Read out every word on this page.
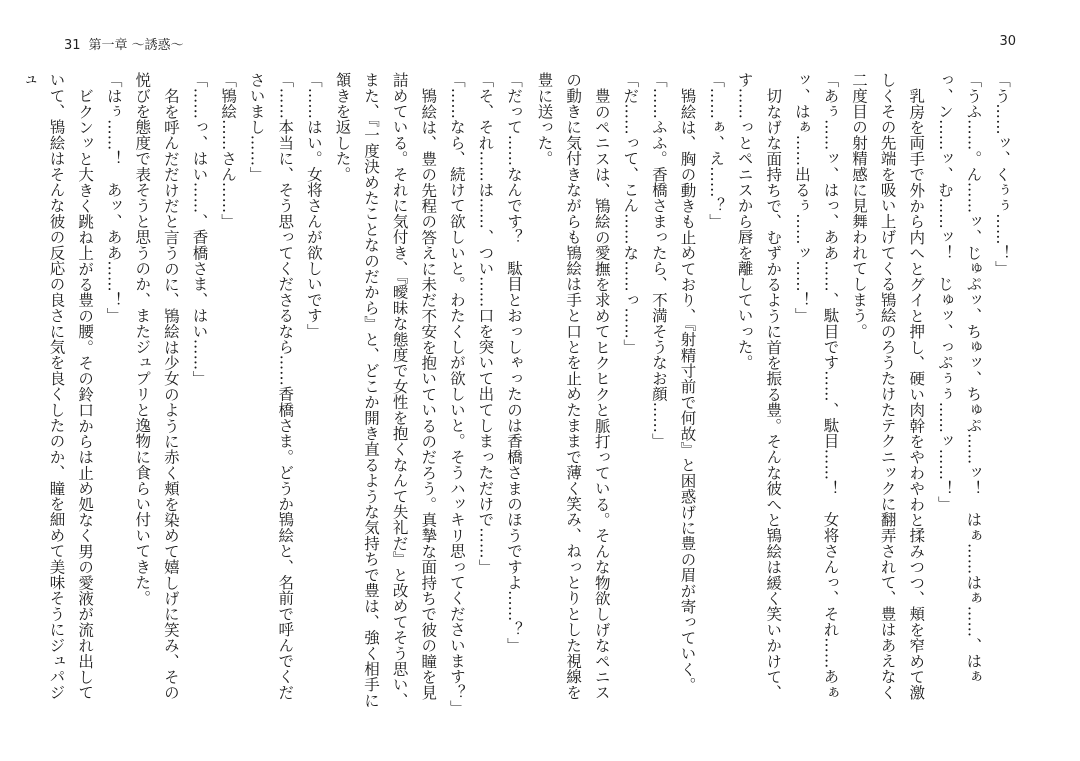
31 第一章 〜誘惑〜

「だって……なんです？　駄目とおっしゃったのは香橋さまのほうですよ……？」

「そ、それ……は……、つい……口を突いて出てしまっただけで……」

「……なら、続けて欲しいと。わたくしが欲しいと。そうハッキリ思ってくださいます？」

鴇絵は、豊の先程の答えに未だ不安を抱いているのだろう。真摯な面持ちで彼の瞳を見詰めている。それに気付き、『曖昧な態度で女性を抱くなんて失礼だ』と改めてそう思い、また、『一度決めたことなのだから』と、どこか開き直るような気持ちで豊は、強く相手に頷きを返した。

「……はい。女将さんが欲しいです」

「……本当に、そう思ってくださるなら……香橋さま。どうか鴇絵と、名前で呼んでくださいまし……」

「鴇絵……さん……」

「……っ、はい……、香橋さま、はい……」

名を呼んだだけだと言うのに、鴇絵は少女のように赤く頬を染めて嬉しげに笑み、その悦びを態度で表そうと思うのか、またジュプリと逸物に食らい付いてきた。

「はぅ……！　あッ、ああ……！」

ビクンッと大きく跳ね上がる豊の腰。その鈴口からは止め処なく男の愛液が流れ出していて、鴇絵はそんな彼の反応の良さに気を良くしたのか、瞳を細めて美味そうにジュパジュ

30

「う……ッ、くぅぅ……！」

「うふ……。ん……ッ、じゅぷッ、ちゅッ、ちゅぷ……ッ！　はぁ……はぁ……、はぁっ、ン……ッ、む……ッ！　じゅッ、っぷぅぅ……ッ……！」

乳房を両手で外から内へとグイと押し、硬い肉幹をやわやわと揉みつつ、頬を窄めて激しくその先端を吸い上げてくる鴇絵のろうたけたテクニックに翻弄されて、豊はあえなく二度目の射精感に見舞われてしまう。

「あぅ……ッ、はっ、ああ……、駄目です……、駄目……！　女将さんっ、それ……あぁッ、はぁ……出るぅ……ッ……！」

切なげな面持ちで、むずかるように首を振る豊。そんな彼へと鴇絵は緩く笑いかけて、す……っとペニスから唇を離していった。

「……ぁ、え……？」

鴇絵は、胸の動きも止めており、『射精寸前で何故』と困惑げに豊の眉が寄っていく。

「……ふふ。香橋さまったら、不満そうなお顔……」

「だ……って、こん……な……っ……」

豊のペニスは、鴇絵の愛撫を求めてヒクヒクと脈打っている。そんな物欲しげなペニスの動きに気付きながらも鴇絵は手と口とを止めたままで薄く笑み、ねっとりとした視線を豊に送った。
